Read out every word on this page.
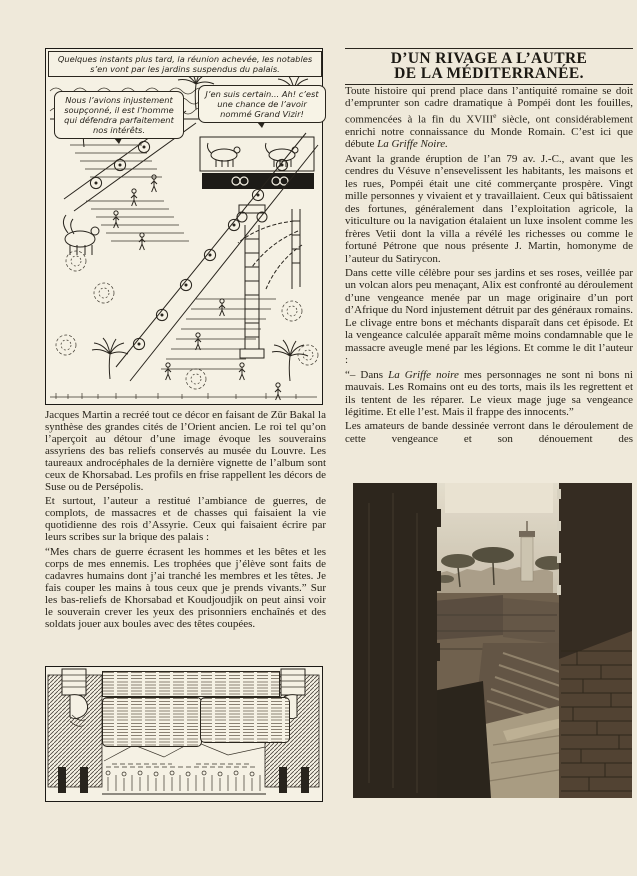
Quelques instants plus tard, la réunion achevée, les notables s’en vont par les jardins suspendus du palais.
Nous l’avions injustement soupçonné, il est l’homme qui défendra parfaitement nos intérêts.
J’en suis certain... Ah! c’est une chance de l’avoir nommé Grand Vizir!

Jacques Martin a recréé tout ce décor en faisant de Zūr Bakal la synthèse des grandes cités de l’Orient ancien. Le roi tel qu’on l’aperçoit au détour d’une image évoque les souverains assyriens des bas reliefs conservés au musée du Louvre. Les taureaux androcéphales de la dernière vignette de l’album sont ceux de Khorsabad. Les profils en frise rappellent les décors de Suse ou de Persépolis.

Et surtout, l’auteur a restitué l’ambiance de guerres, de complots, de massacres et de chasses qui faisaient la vie quotidienne des rois d’Assyrie. Ceux qui faisaient écrire par leurs scribes sur la brique des palais :

“Mes chars de guerre écrasent les hommes et les bêtes et les corps de mes ennemis. Les trophées que j’élève sont faits de cadavres humains dont j’ai tranché les membres et les têtes. Je fais couper les mains à tous ceux que je prends vivants.” Sur les bas-reliefs de Khorsabad et Koudjoudjik on peut ainsi voir le souverain crever les yeux des prisonniers enchaînés et des soldats jouer aux boules avec des têtes coupées.

D’UN RIVAGE A L’AUTRE
DE LA MÉDITERRANÉE.

Toute histoire qui prend place dans l’antiquité romaine se doit d’emprunter son cadre dramatique à Pompéi dont les fouilles, commencées à la fin du XVIIIe siècle, ont considérablement enrichi notre connaissance du Monde Romain. C’est ici que débute La Griffe Noire.

Avant la grande éruption de l’an 79 av. J.-C., avant que les cendres du Vésuve n’ensevelissent les habitants, les maisons et les rues, Pompéi était une cité commerçante prospère. Vingt mille personnes y vivaient et y travaillaient. Ceux qui bâtissaient des fortunes, généralement dans l’exploitation agricole, la viticulture ou la navigation étalaient un luxe insolent comme les frères Vetii dont la villa a révélé les richesses ou comme le fortuné Pétrone que nous présente J. Martin, homonyme de l’auteur du Satirycon.

Dans cette ville célèbre pour ses jardins et ses roses, veillée par un volcan alors peu menaçant, Alix est confronté au déroulement d’une vengeance menée par un mage originaire d’un port d’Afrique du Nord injustement détruit par des généraux romains. Le clivage entre bons et méchants disparaît dans cet épisode. Et la vengeance calculée apparaît même moins condamnable que le massacre aveugle mené par les légions. Et comme le dit l’auteur :

“– Dans La Griffe noire mes personnages ne sont ni bons ni mauvais. Les Romains ont eu des torts, mais ils les regrettent et ils tentent de les réparer. Le vieux mage juge sa vengeance légitime. Et elle l’est. Mais il frappe des innocents.”

Les amateurs de bande dessinée verront dans le déroulement de cette vengeance et son dénouement des
